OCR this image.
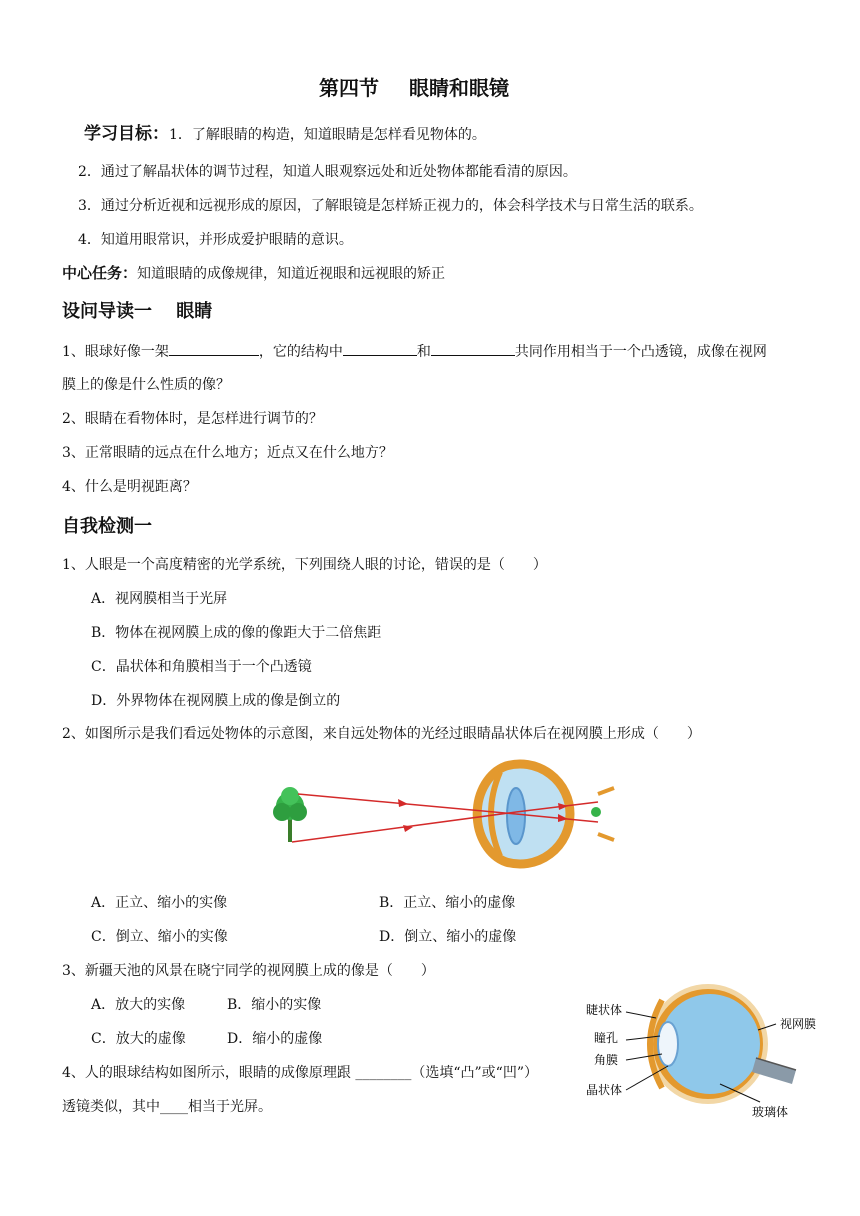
第四节 眼睛和眼镜
学习目标：1．了解眼睛的构造，知道眼睛是怎样看见物体的。
2．通过了解晶状体的调节过程，知道人眼观察远处和近处物体都能看清的原因。
3．通过分析近视和远视形成的原因，了解眼镜是怎样矫正视力的，体会科学技术与日常生活的联系。
4．知道用眼常识，并形成爱护眼睛的意识。
中心任务：知道眼睛的成像规律，知道近视眼和远视眼的矫正
设问导读一　 眼睛
1、眼球好像一架	，它的结构中	和	共同作用相当于一个凸透镜，成像在视网
膜上的像是什么性质的像？
2、眼睛在看物体时，是怎样进行调节的？
3、正常眼睛的远点在什么地方；近点又在什么地方？
4、什么是明视距离？
自我检测一
1、人眼是一个高度精密的光学系统，下列围绕人眼的讨论，错误的是（　　）
A．视网膜相当于光屏
B．物体在视网膜上成的像的像距大于二倍焦距
C．晶状体和角膜相当于一个凸透镜
D．外界物体在视网膜上成的像是倒立的
2、如图所示是我们看远处物体的示意图，来自远处物体的光经过眼睛晶状体后在视网膜上形成（　　）
A．正立、缩小的实像	B．正立、缩小的虚像
C．倒立、缩小的实像	D．倒立、缩小的虚像
3、新疆天池的风景在晓宁同学的视网膜上成的像是（　　）
A．放大的实像	B．缩小的实像
C．放大的虚像	D．缩小的虚像
4、人的眼球结构如图所示，眼睛的成像原理跟 ________（选填“凸”或“凹”）
透镜类似，其中____相当于光屏。
睫状体
瞳孔
角膜
晶状体
视网膜
玻璃体
